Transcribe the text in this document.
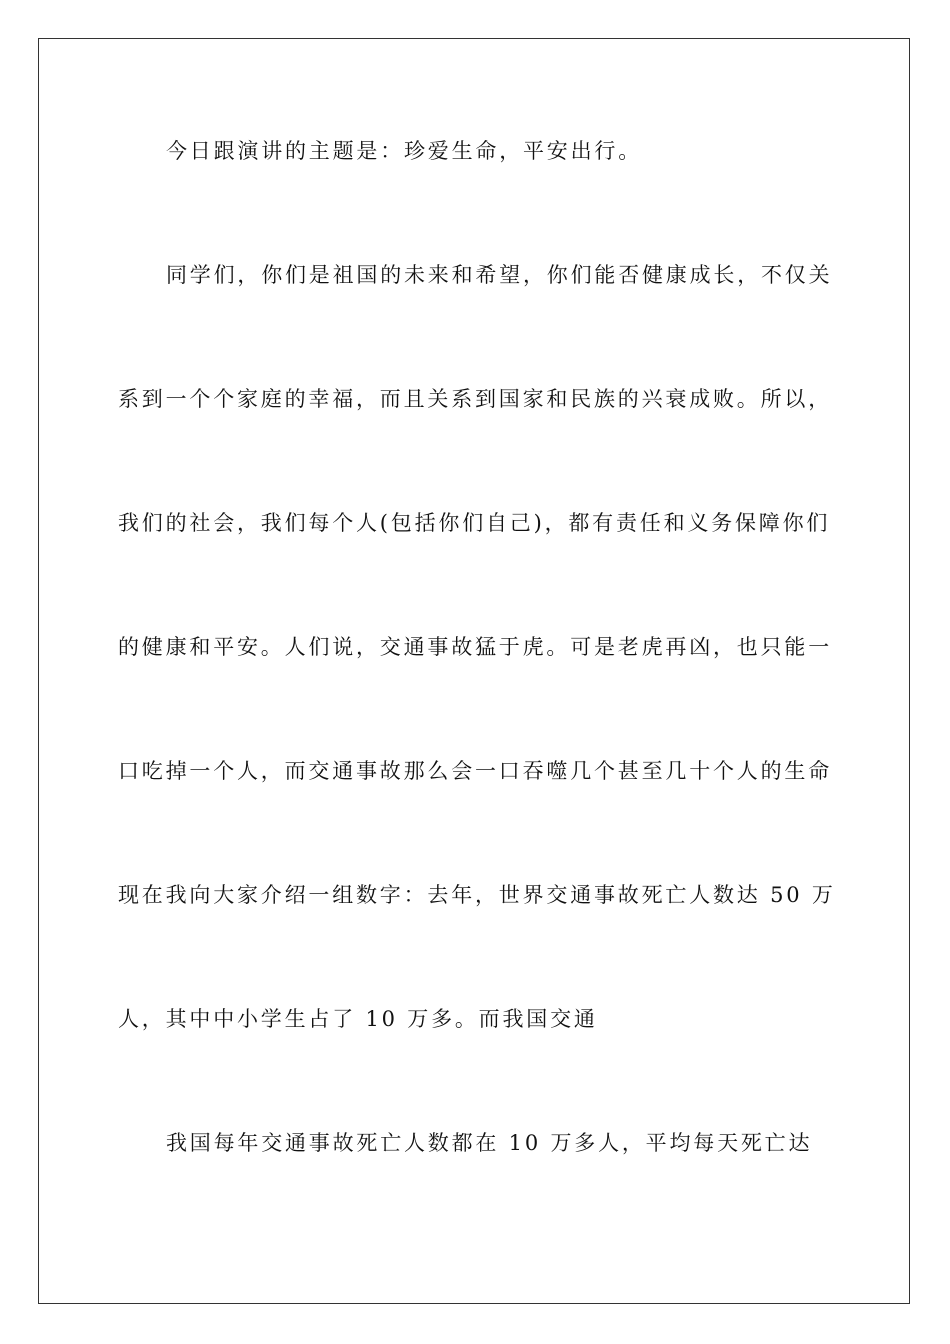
今日跟演讲的主题是：珍爱生命，平安出行。
同学们，你们是祖国的未来和希望，你们能否健康成长，不仅关
系到一个个家庭的幸福，而且关系到国家和民族的兴衰成败。所以，
我们的社会，我们每个人(包括你们自己)，都有责任和义务保障你们
的健康和平安。人们说，交通事故猛于虎。可是老虎再凶，也只能一
口吃掉一个人，而交通事故那么会一口吞噬几个甚至几十个人的生命
现在我向大家介绍一组数字：去年，世界交通事故死亡人数达 50 万
人，其中中小学生占了 10 万多。而我国交通
我国每年交通事故死亡人数都在 10 万多人，平均每天死亡达
